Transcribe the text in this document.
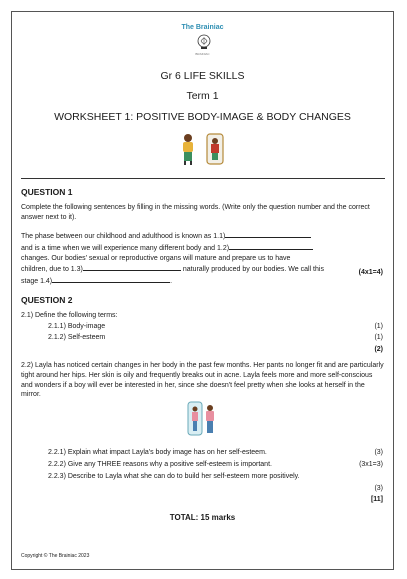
The Brainiac
BRAINIAC
Gr 6 LIFE SKILLS
Term 1
WORKSHEET 1: POSITIVE BODY-IMAGE & BODY CHANGES
QUESTION 1
Complete the following sentences by filling in the missing words. (Write only the question number and the correct answer next to it).

The phase between our childhood and adulthood is known as 1.1)

and is a time when we will experience many different body and 1.2)

changes. Our bodies' sexual or reproductive organs will mature and prepare us to have

children, due to 1.3)	naturally produced by our bodies. We call this

stage 1.4)	.

(4x1=4)
QUESTION 2
2.1) Define the following terms:
2.1.1) Body-image	(1)
2.1.2) Self-esteem	(1)
(2)
2.2) Layla has noticed certain changes in her body in the past few months. Her pants no longer fit and are particularly tight around her hips. Her skin is oily and frequently breaks out in acne. Layla feels more and more self-conscious and wonders if a boy will ever be interested in her, since she doesn't feel pretty when she looks at herself in the mirror.
2.2.1) Explain what impact Layla's body image has on her self-esteem.	(3)
2.2.2) Give any THREE reasons why a positive self-esteem is important.	(3x1=3)
2.2.3) Describe to Layla what she can do to build her self-esteem more positively.
(3)
[11]
TOTAL: 15 marks
Copyright © The Brainiac 2023
